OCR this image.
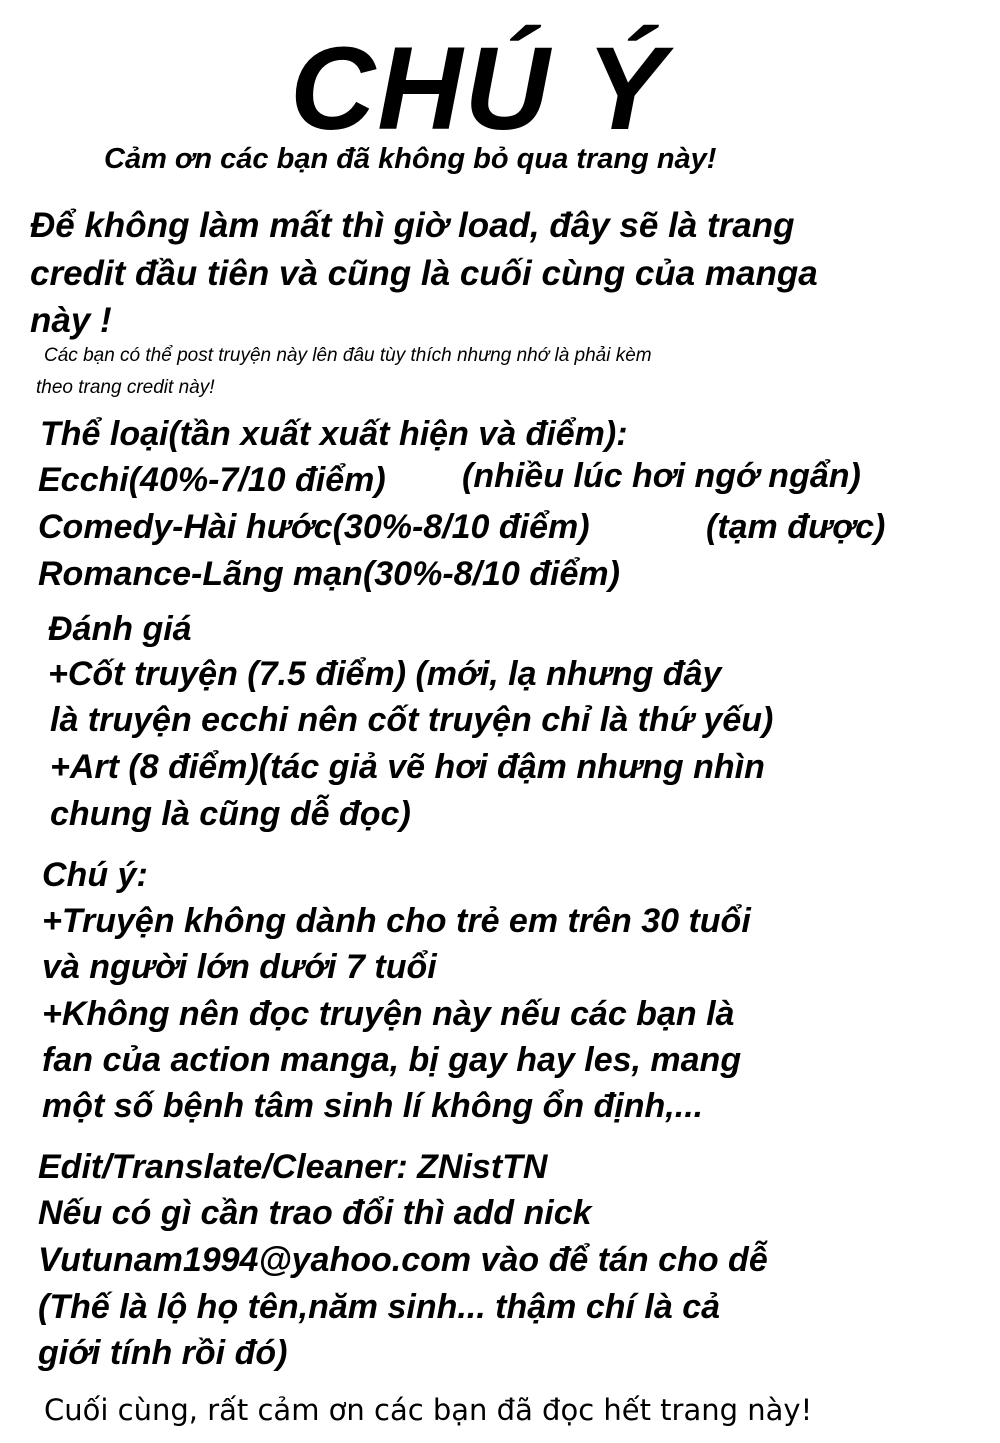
CHÚ Ý
Cảm ơn các bạn đã không bỏ qua trang này!
Để không làm mất thì giờ load, đây sẽ là trang
credit đầu tiên và cũng là cuối cùng của manga
này !
Các bạn có thể post truyện này lên đâu tùy thích nhưng nhớ là phải kèm
theo trang credit này!
Thể loại(tần xuất xuất hiện và điểm):
Ecchi(40%-7/10 điểm) (nhiều lúc hơi ngớ ngẩn)
Comedy-Hài hước(30%-8/10 điểm)	(tạm được)
Romance-Lãng mạn(30%-8/10 điểm)
Đánh giá
+Cốt truyện (7.5 điểm) (mới, lạ nhưng đây
là truyện ecchi nên cốt truyện chỉ là thứ yếu)
+Art (8 điểm)(tác giả vẽ hơi đậm nhưng nhìn
chung là cũng dễ đọc)
Chú ý:
+Truyện không dành cho trẻ em trên 30 tuổi
và người lớn dưới 7 tuổi
+Không nên đọc truyện này nếu các bạn là
fan của action manga, bị gay hay les, mang
một số bệnh tâm sinh lí không ổn định,...
Edit/Translate/Cleaner: ZNistTN
Nếu có gì cần trao đổi thì add nick
Vutunam1994@yahoo.com vào để tán cho dễ
(Thế là lộ họ tên,năm sinh... thậm chí là cả
giới tính rồi đó)
Cuối cùng, rất cảm ơn các bạn đã đọc hết trang này!
